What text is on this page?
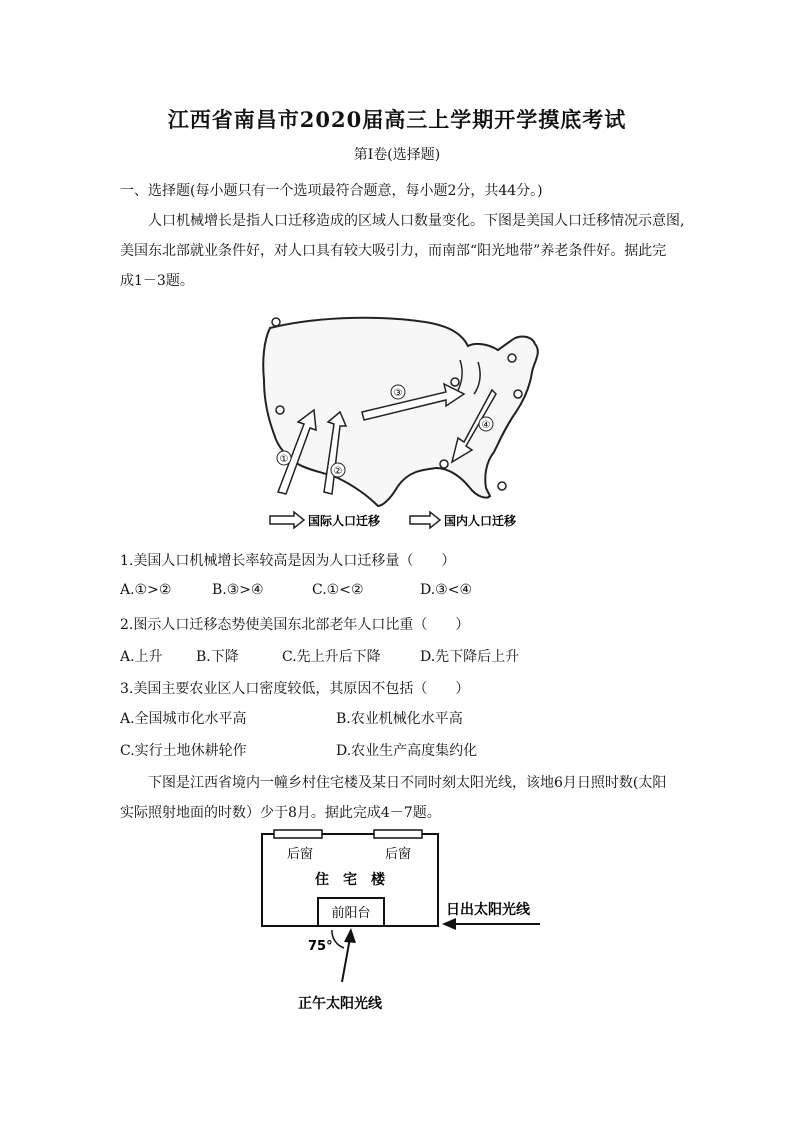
江西省南昌市2020届高三上学期开学摸底考试
第Ⅰ卷(选择题)
一、选择题(每小题只有一个选项最符合题意，每小题2分，共44分。)
人口机械增长是指人口迁移造成的区域人口数量变化。下图是美国人口迁移情况示意图,
美国东北部就业条件好，对人口具有较大吸引力，而南部“阳光地带”养老条件好。据此完
成1－3题。
①
②
③
④
国际人口迁移	国内人口迁移
1.美国人口机械增长率较高是因为人口迁移量（　　）
A.①>②	B.③>④	C.①<②	D.③<④
2.图示人口迁移态势使美国东北部老年人口比重（　　）
A.上升 B.下降	C.先上升后下降	D.先下降后上升
3.美国主要农业区人口密度较低，其原因不包括（　　）
A.全国城市化水平高	B.农业机械化水平高
C.实行土地休耕轮作	D.农业生产高度集约化
下图是江西省境内一幢乡村住宅楼及某日不同时刻太阳光线，该地6月日照时数(太阳
实际照射地面的时数）少于8月。据此完成4－7题。
后窗	后窗
住　宅　楼
前阳台	日出太阳光线
75°
正午太阳光线
